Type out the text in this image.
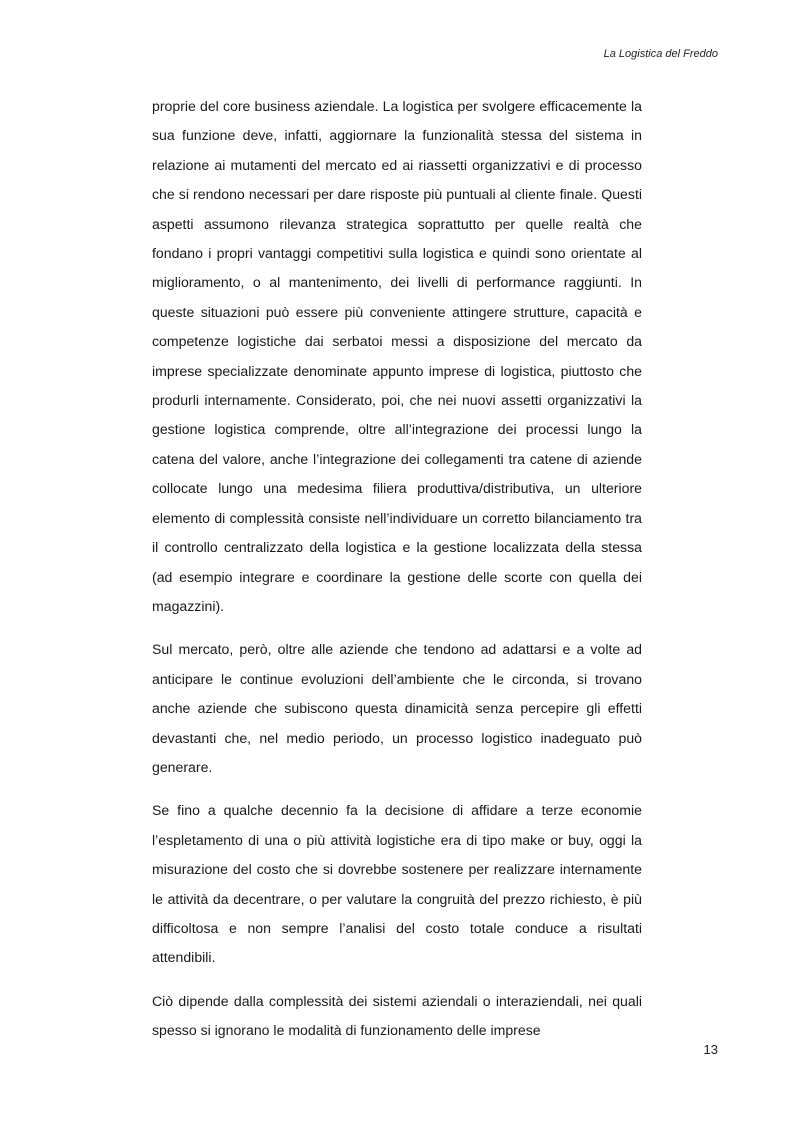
La Logistica del Freddo

proprie del core business aziendale. La logistica per svolgere efficacemente la sua funzione deve, infatti, aggiornare la funzionalità stessa del sistema in relazione ai mutamenti del mercato ed ai riassetti organizzativi e di processo che si rendono necessari per dare risposte più puntuali al cliente finale. Questi aspetti assumono rilevanza strategica soprattutto per quelle realtà che fondano i propri vantaggi competitivi sulla logistica e quindi sono orientate al miglioramento, o al mantenimento, dei livelli di performance raggiunti. In queste situazioni può essere più conveniente attingere strutture, capacità e competenze logistiche dai serbatoi messi a disposizione del mercato da imprese specializzate denominate appunto imprese di logistica, piuttosto che produrli internamente. Considerato, poi, che nei nuovi assetti organizzativi la gestione logistica comprende, oltre all’integrazione dei processi lungo la catena del valore, anche l’integrazione dei collegamenti tra catene di aziende collocate lungo una medesima filiera produttiva/distributiva, un ulteriore elemento di complessità consiste nell’individuare un corretto bilanciamento tra il controllo centralizzato della logistica e la gestione localizzata della stessa (ad esempio integrare e coordinare la gestione delle scorte con quella dei magazzini).

Sul mercato, però, oltre alle aziende che tendono ad adattarsi e a volte ad anticipare le continue evoluzioni dell’ambiente che le circonda, si trovano anche aziende che subiscono questa dinamicità senza percepire gli effetti devastanti che, nel medio periodo, un processo logistico inadeguato può generare.

Se fino a qualche decennio fa la decisione di affidare a terze economie l’espletamento di una o più attività logistiche era di tipo make or buy, oggi la misurazione del costo che si dovrebbe sostenere per realizzare internamente le attività da decentrare, o per valutare la congruità del prezzo richiesto, è più difficoltosa e non sempre l’analisi del costo totale conduce a risultati attendibili.

Ciò dipende dalla complessità dei sistemi aziendali o interaziendali, nei quali spesso si ignorano le modalità di funzionamento delle imprese

13
